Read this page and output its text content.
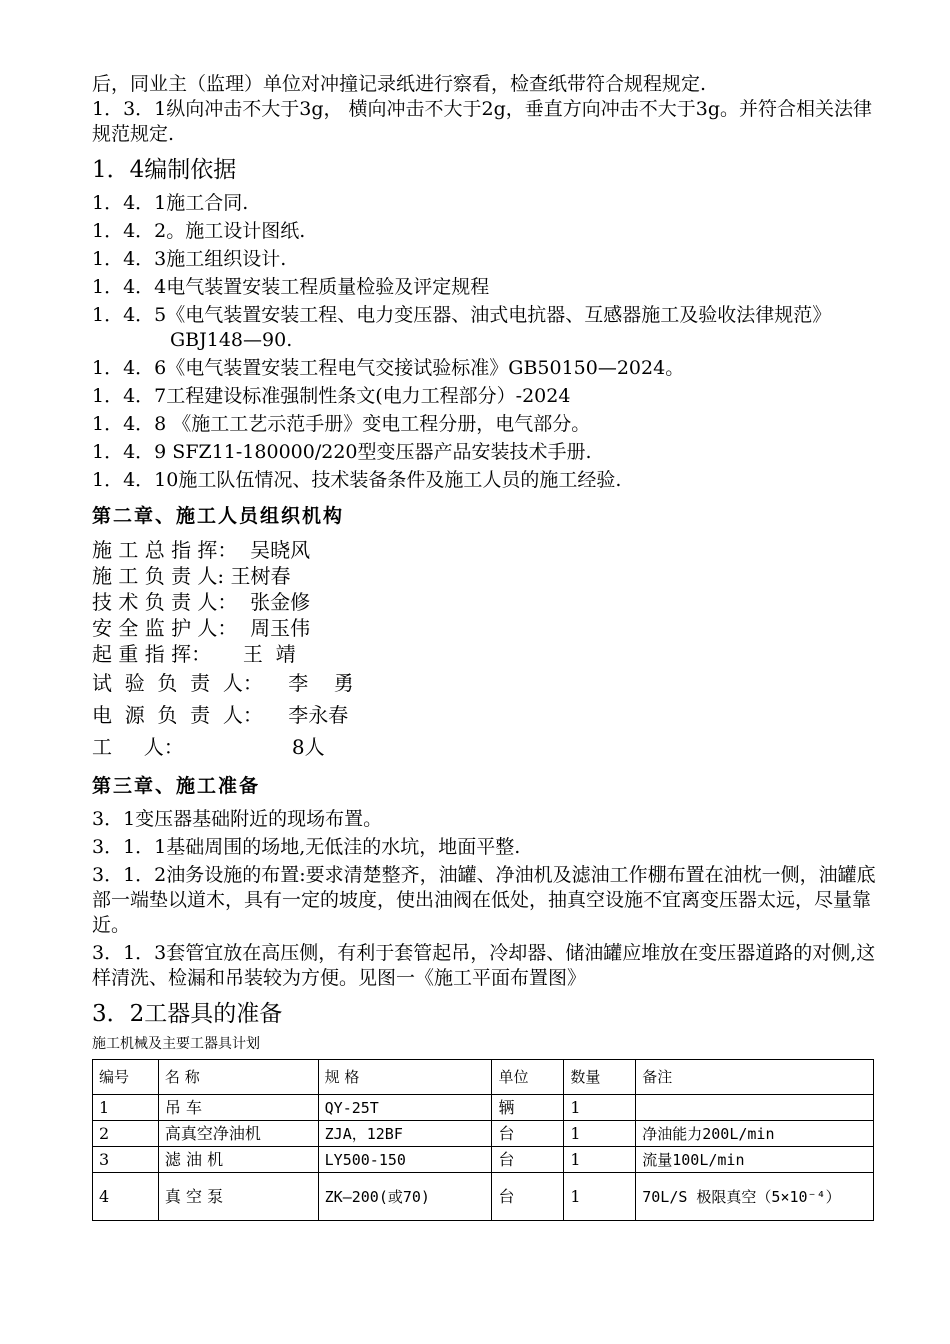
后，同业主（监理）单位对冲撞记录纸进行察看，检查纸带符合规程规定.

1．3．1纵向冲击不大于3g， 横向冲击不大于2g，垂直方向冲击不大于3g。并符合相关法律规范规定.

1．4编制依据
1．4．1施工合同.
1．4．2。施工设计图纸.
1．4．3施工组织设计.
1．4．4电气装置安装工程质量检验及评定规程
1．4．5《电气装置安装工程、电力变压器、油式电抗器、互感器施工及验收法律规范》GBJ148—90.
1．4．6《电气装置安装工程电气交接试验标准》GB50150—2024。
1．4．7工程建设标准强制性条文(电力工程部分）-2024
1．4．8 《施工工艺示范手册》变电工程分册，电气部分。
1．4．9 SFZ11-180000/220型变压器产品安装技术手册.
1．4．10施工队伍情况、技术装备条件及施工人员的施工经验.
第二章、施工人员组织机构
施 工 总 指 挥：  吴晓风
施 工 负 责 人: 王树春
技 术 负 责 人：  张金修
安 全 监 护 人：  周玉伟
起 重 指 挥：     王  靖
试  验  负  责  人：    李    勇
电  源  负  责  人：    李永春
工     人：                 8人
第三章、施工准备
3．1变压器基础附近的现场布置。
3．1．1基础周围的场地,无低洼的水坑，地面平整.
3．1．2油务设施的布置:要求清楚整齐，油罐、净油机及滤油工作棚布置在油枕一侧，油罐底部一端垫以道木，具有一定的坡度，使出油阀在低处，抽真空设施不宜离变压器太远，尽量靠近。
3．1．3套管宜放在高压侧，有利于套管起吊，冷却器、储油罐应堆放在变压器道路的对侧,这样清洗、检漏和吊装较为方便。见图一《施工平面布置图》
3．2工器具的准备
施工机械及主要工器具计划
编号	名 称	规 格	单位	数量	备注
1	吊 车	QY-25T	辆	1	
2	高真空净油机	ZJA，12BF	台	1	净油能力200L/min
3	滤 油 机	LY500-150	台	1	流量100L/min
4	真 空 泵	ZK—200(或70)	台	1	70L/S 极限真空（5×10⁻⁴）
